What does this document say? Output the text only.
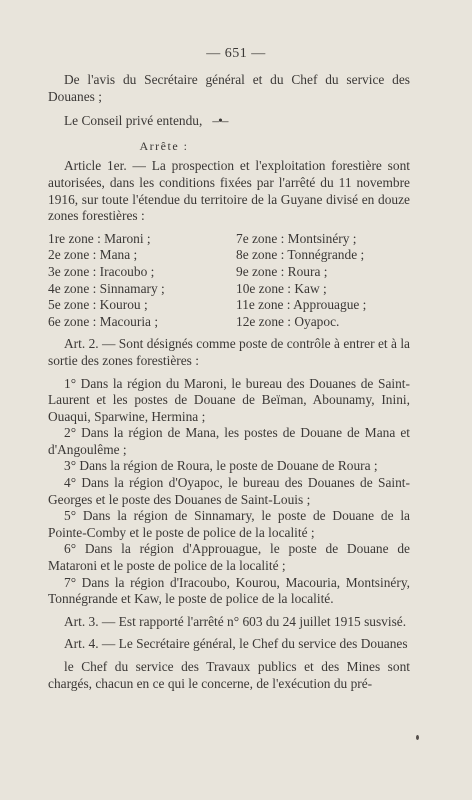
— 651 —

De l'avis du Secrétaire général et du Chef du service des Douanes ;

Le Conseil privé entendu, –•–

Arrête :

Article 1er. — La prospection et l'exploitation forestière sont autorisées, dans les conditions fixées par l'arrêté du 11 novembre 1916, sur toute l'étendue du territoire de la Guyane divisé en douze zones forestières :

1re zone : Maroni ;	7e zone : Montsinéry ;
2e zone : Mana ;	8e zone : Tonnégrande ;
3e zone : Iracoubo ;	9e zone : Roura ;
4e zone : Sinnamary ;	10e zone : Kaw ;
5e zone : Kourou ;	11e zone : Approuague ;
6e zone : Macouria ;	12e zone : Oyapoc.

Art. 2. — Sont désignés comme poste de contrôle à entrer et à la sortie des zones forestières :

1° Dans la région du Maroni, le bureau des Douanes de Saint-Laurent et les postes de Douane de Beïman, Abounamy, Inini, Ouaqui, Sparwine, Hermina ;

2° Dans la région de Mana, les postes de Douane de Mana et d'Angoulême ;

3° Dans la région de Roura, le poste de Douane de Roura ;

4° Dans la région d'Oyapoc, le bureau des Douanes de Saint-Georges et le poste des Douanes de Saint-Louis ;

5° Dans la région de Sinnamary, le poste de Douane de la Pointe-Comby et le poste de police de la localité ;

6° Dans la région d'Approuague, le poste de Douane de Mataroni et le poste de police de la localité ;

7° Dans la région d'Iracoubo, Kourou, Macouria, Montsinéry, Tonnégrande et Kaw, le poste de police de la localité.

Art. 3. — Est rapporté l'arrêté n° 603 du 24 juillet 1915 susvisé.

Art. 4. — Le Secrétaire général, le Chef du service des Douanes

le Chef du service des Travaux publics et des Mines sont chargés, chacun en ce qui le concerne, de l'exécution du pré-
